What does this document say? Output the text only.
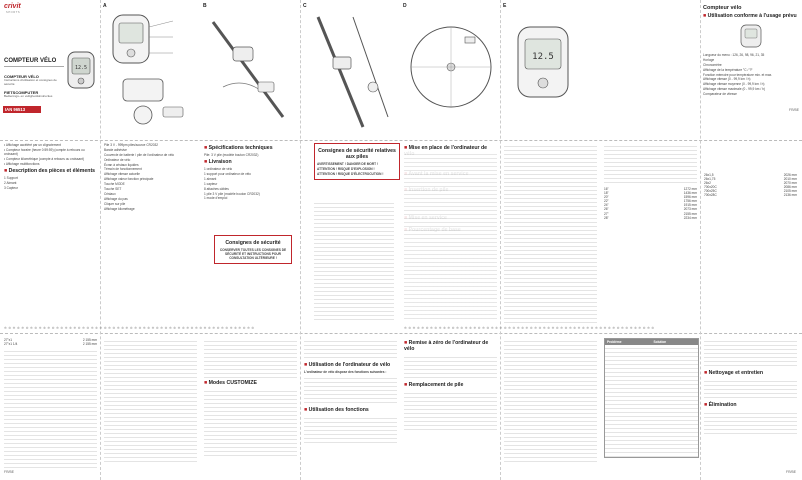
crivit
SPORTS
COMPTEUR VÉLO
COMPTEUR VÉLO
Instructions d'utilisation et consignes de sécurité
FIETSCOMPUTER
Bedienings- en veiligheidsinstructies
IAN 96513
12.5
A	B	C	D	E
12.5
Compteur vélo
■ Utilisation conforme à l'usage prévu

Longueur du menu : 126, 26, 98, 96, 21, 35

Horloge

Chronomètre

Affichage de la température °C / °F

Fonction mémoire pour température min. et max.

Affichage vitesse (0 - 99,9 km / h)

Affichage vitesse moyenne (0 - 99,9 km / h)

Affichage vitesse maximale (0 - 99,9 km / h)

Comparateur de vitesse

FR/BE

• Affichage accéléré par un clignotement

• Compteur horaire (heure 0:59:59) (compte à rebours ou croissant)

• Compteur kilométrique (compte à rebours ou croissant)

• Affichage multifonctions

■ Description des pièces et éléments

1 Support

2 Aimant

3 Capteur

Pile 3 V - 999pm piles/source CR2032

Bande adhésive

Couvercle de batterie / pile de l'ordinateur de vélo

Ordinateur de vélo

Écran à cristaux liquides

Témoin de fonctionnement

Affichage vitesse actuelle

Affichage valeur fonction principale

Touche MODE

Touche SET

Cristaux

Affichage du pas

Cliquer sur pile

Affichage kilométrage

■ Spécifications techniques

Pile: 3 V pile (modèle bouton CR2032)

■ Livraison

1 ordinateur de vélo

1 support pour ordinateur de vélo

1 aimant

1 capteur

8 attaches câbles

1 pile 3 V pile (modèle bouton CR2032)

1 mode d'emploi

Consignes de sécurité

CONSERVER TOUTES LES CONSIGNES DE SÉCURITÉ ET INSTRUCTIONS POUR CONSULTATION ULTÉRIEURE !

Consignes de sécurité relatives aux piles

AVERTISSEMENT ! DANGER DE MORT !

ATTENTION ! RISQUE D'EXPLOSION !

ATTENTION ! RISQUE D'ÉLECTROCUTION !

■ Mise en place de l'ordinateur de
16"	1272 mm
18"	1436 mm
20"	1596 mm
22"	1756 mm
24"	1915 mm
26"	2073 mm
27"	2155 mm
28"	2234 mm
26x1,5	2026 mm
26x1,75	2010 mm
26x2	2070 mm
700x20C	2086 mm
700x25C	2105 mm
700x28C	2136 mm
⊕⊗⊕⊗⊕⊗⊕⊗⊕⊗⊕⊗⊕⊗⊕⊗⊕⊗⊕⊗⊕⊗⊕⊗⊕⊗⊕⊗⊕⊗⊕⊗⊕⊗⊕⊗⊕⊗⊕⊗⊕⊗⊕⊗⊕⊗⊕⊗⊕⊗⊕⊗⊕⊗⊕⊗⊕⊗	⊕⊗⊕⊗⊕⊗⊕⊗⊕⊗⊕⊗⊕⊗⊕⊗⊕⊗⊕⊗⊕⊗⊕⊗⊕⊗⊕⊗⊕⊗⊕⊗⊕⊗⊕⊗⊕⊗⊕⊗⊕⊗⊕⊗⊕⊗⊕⊗⊕⊗⊕⊗⊕⊗⊕⊗⊕⊗
27"x1	2 155 mm
27"x1 1/4	2 155 mm
■ Modes CUSTOMIZE
■ Utilisation de l'ordinateur de vélo

L'ordinateur de vélo dispose des fonctions suivantes :

■ Utilisation des fonctions
■ Remise à zéro de l'ordinateur de vélo
■ Remplacement de pile
Problème	Solution
■ Nettoyage et entretien
■ Élimination
FR/BE	FR/BE
